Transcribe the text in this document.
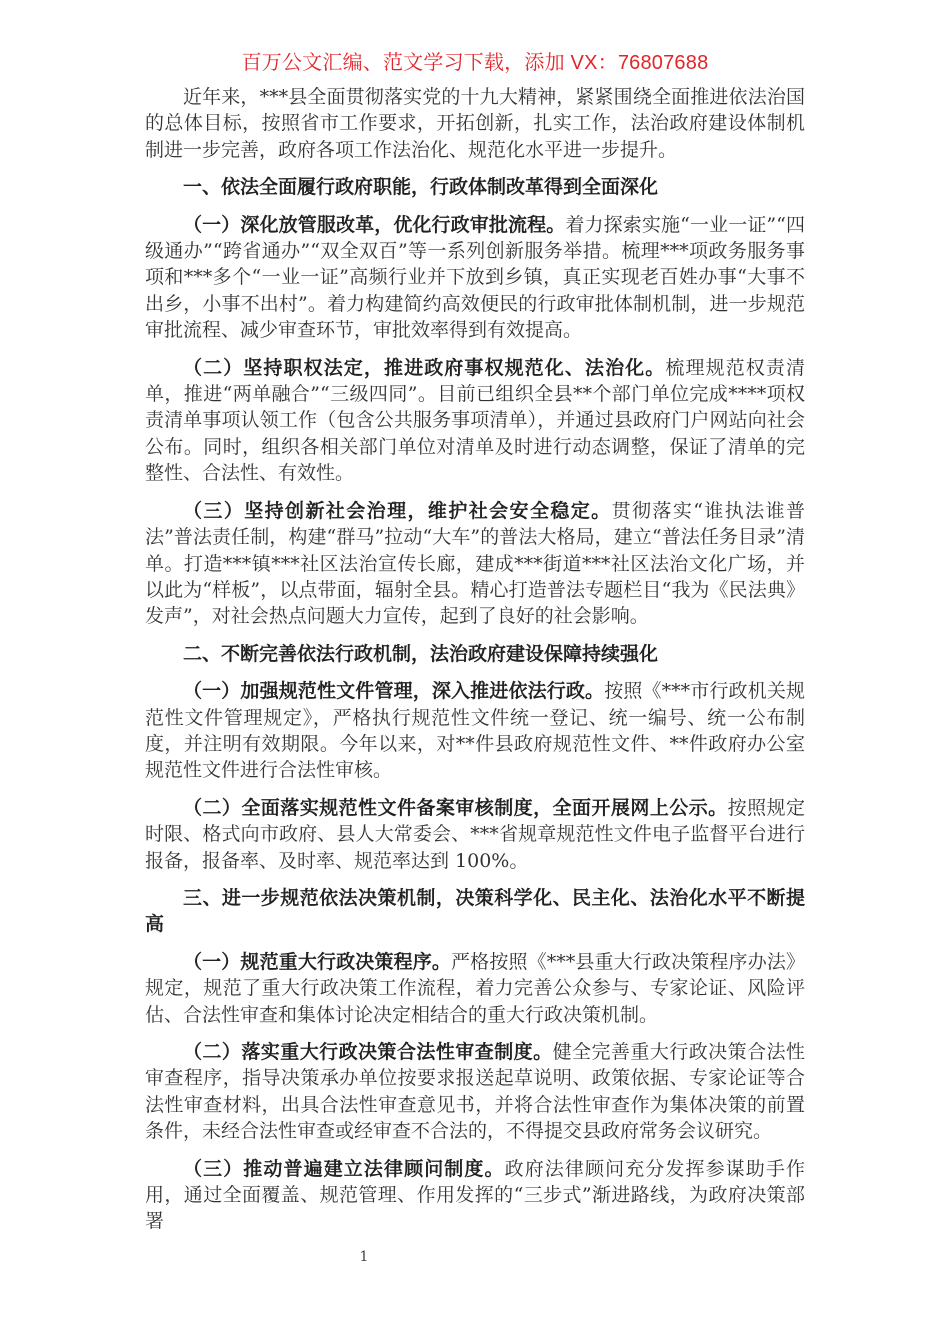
百万公文汇编、范文学习下载，添加 VX：76807688

近年来，***县全面贯彻落实党的十九大精神，紧紧围绕全面推进依法治国的总体目标，按照省市工作要求，开拓创新，扎实工作，法治政府建设体制机制进一步完善，政府各项工作法治化、规范化水平进一步提升。

一、依法全面履行政府职能，行政体制改革得到全面深化

（一）深化放管服改革，优化行政审批流程。着力探索实施“一业一证”“四级通办”“跨省通办”“双全双百”等一系列创新服务举措。梳理***项政务服务事项和***多个“一业一证”高频行业并下放到乡镇，真正实现老百姓办事“大事不出乡，小事不出村”。着力构建简约高效便民的行政审批体制机制，进一步规范审批流程、减少审查环节，审批效率得到有效提高。

（二）坚持职权法定，推进政府事权规范化、法治化。梳理规范权责清单，推进“两单融合”“三级四同”。目前已组织全县**个部门单位完成****项权责清单事项认领工作（包含公共服务事项清单），并通过县政府门户网站向社会公布。同时，组织各相关部门单位对清单及时进行动态调整，保证了清单的完整性、合法性、有效性。

（三）坚持创新社会治理，维护社会安全稳定。贯彻落实“谁执法谁普法”普法责任制，构建“群马”拉动“大车”的普法大格局，建立“普法任务目录”清单。打造***镇***社区法治宣传长廊，建成***街道***社区法治文化广场，并以此为“样板”，以点带面，辐射全县。精心打造普法专题栏目“我为《民法典》发声”，对社会热点问题大力宣传，起到了良好的社会影响。

二、不断完善依法行政机制，法治政府建设保障持续强化

（一）加强规范性文件管理，深入推进依法行政。按照《***市行政机关规范性文件管理规定》，严格执行规范性文件统一登记、统一编号、统一公布制度，并注明有效期限。今年以来，对**件县政府规范性文件、**件政府办公室规范性文件进行合法性审核。

（二）全面落实规范性文件备案审核制度，全面开展网上公示。按照规定时限、格式向市政府、县人大常委会、***省规章规范性文件电子监督平台进行报备，报备率、及时率、规范率达到 100%。

三、进一步规范依法决策机制，决策科学化、民主化、法治化水平不断提高

（一）规范重大行政决策程序。严格按照《***县重大行政决策程序办法》规定，规范了重大行政决策工作流程，着力完善公众参与、专家论证、风险评估、合法性审查和集体讨论决定相结合的重大行政决策机制。

（二）落实重大行政决策合法性审查制度。健全完善重大行政决策合法性审查程序，指导决策承办单位按要求报送起草说明、政策依据、专家论证等合法性审查材料，出具合法性审查意见书，并将合法性审查作为集体决策的前置条件，未经合法性审查或经审查不合法的，不得提交县政府常务会议研究。

（三）推动普遍建立法律顾问制度。政府法律顾问充分发挥参谋助手作用，通过全面覆盖、规范管理、作用发挥的“三步式”渐进路线，为政府决策部署

1
